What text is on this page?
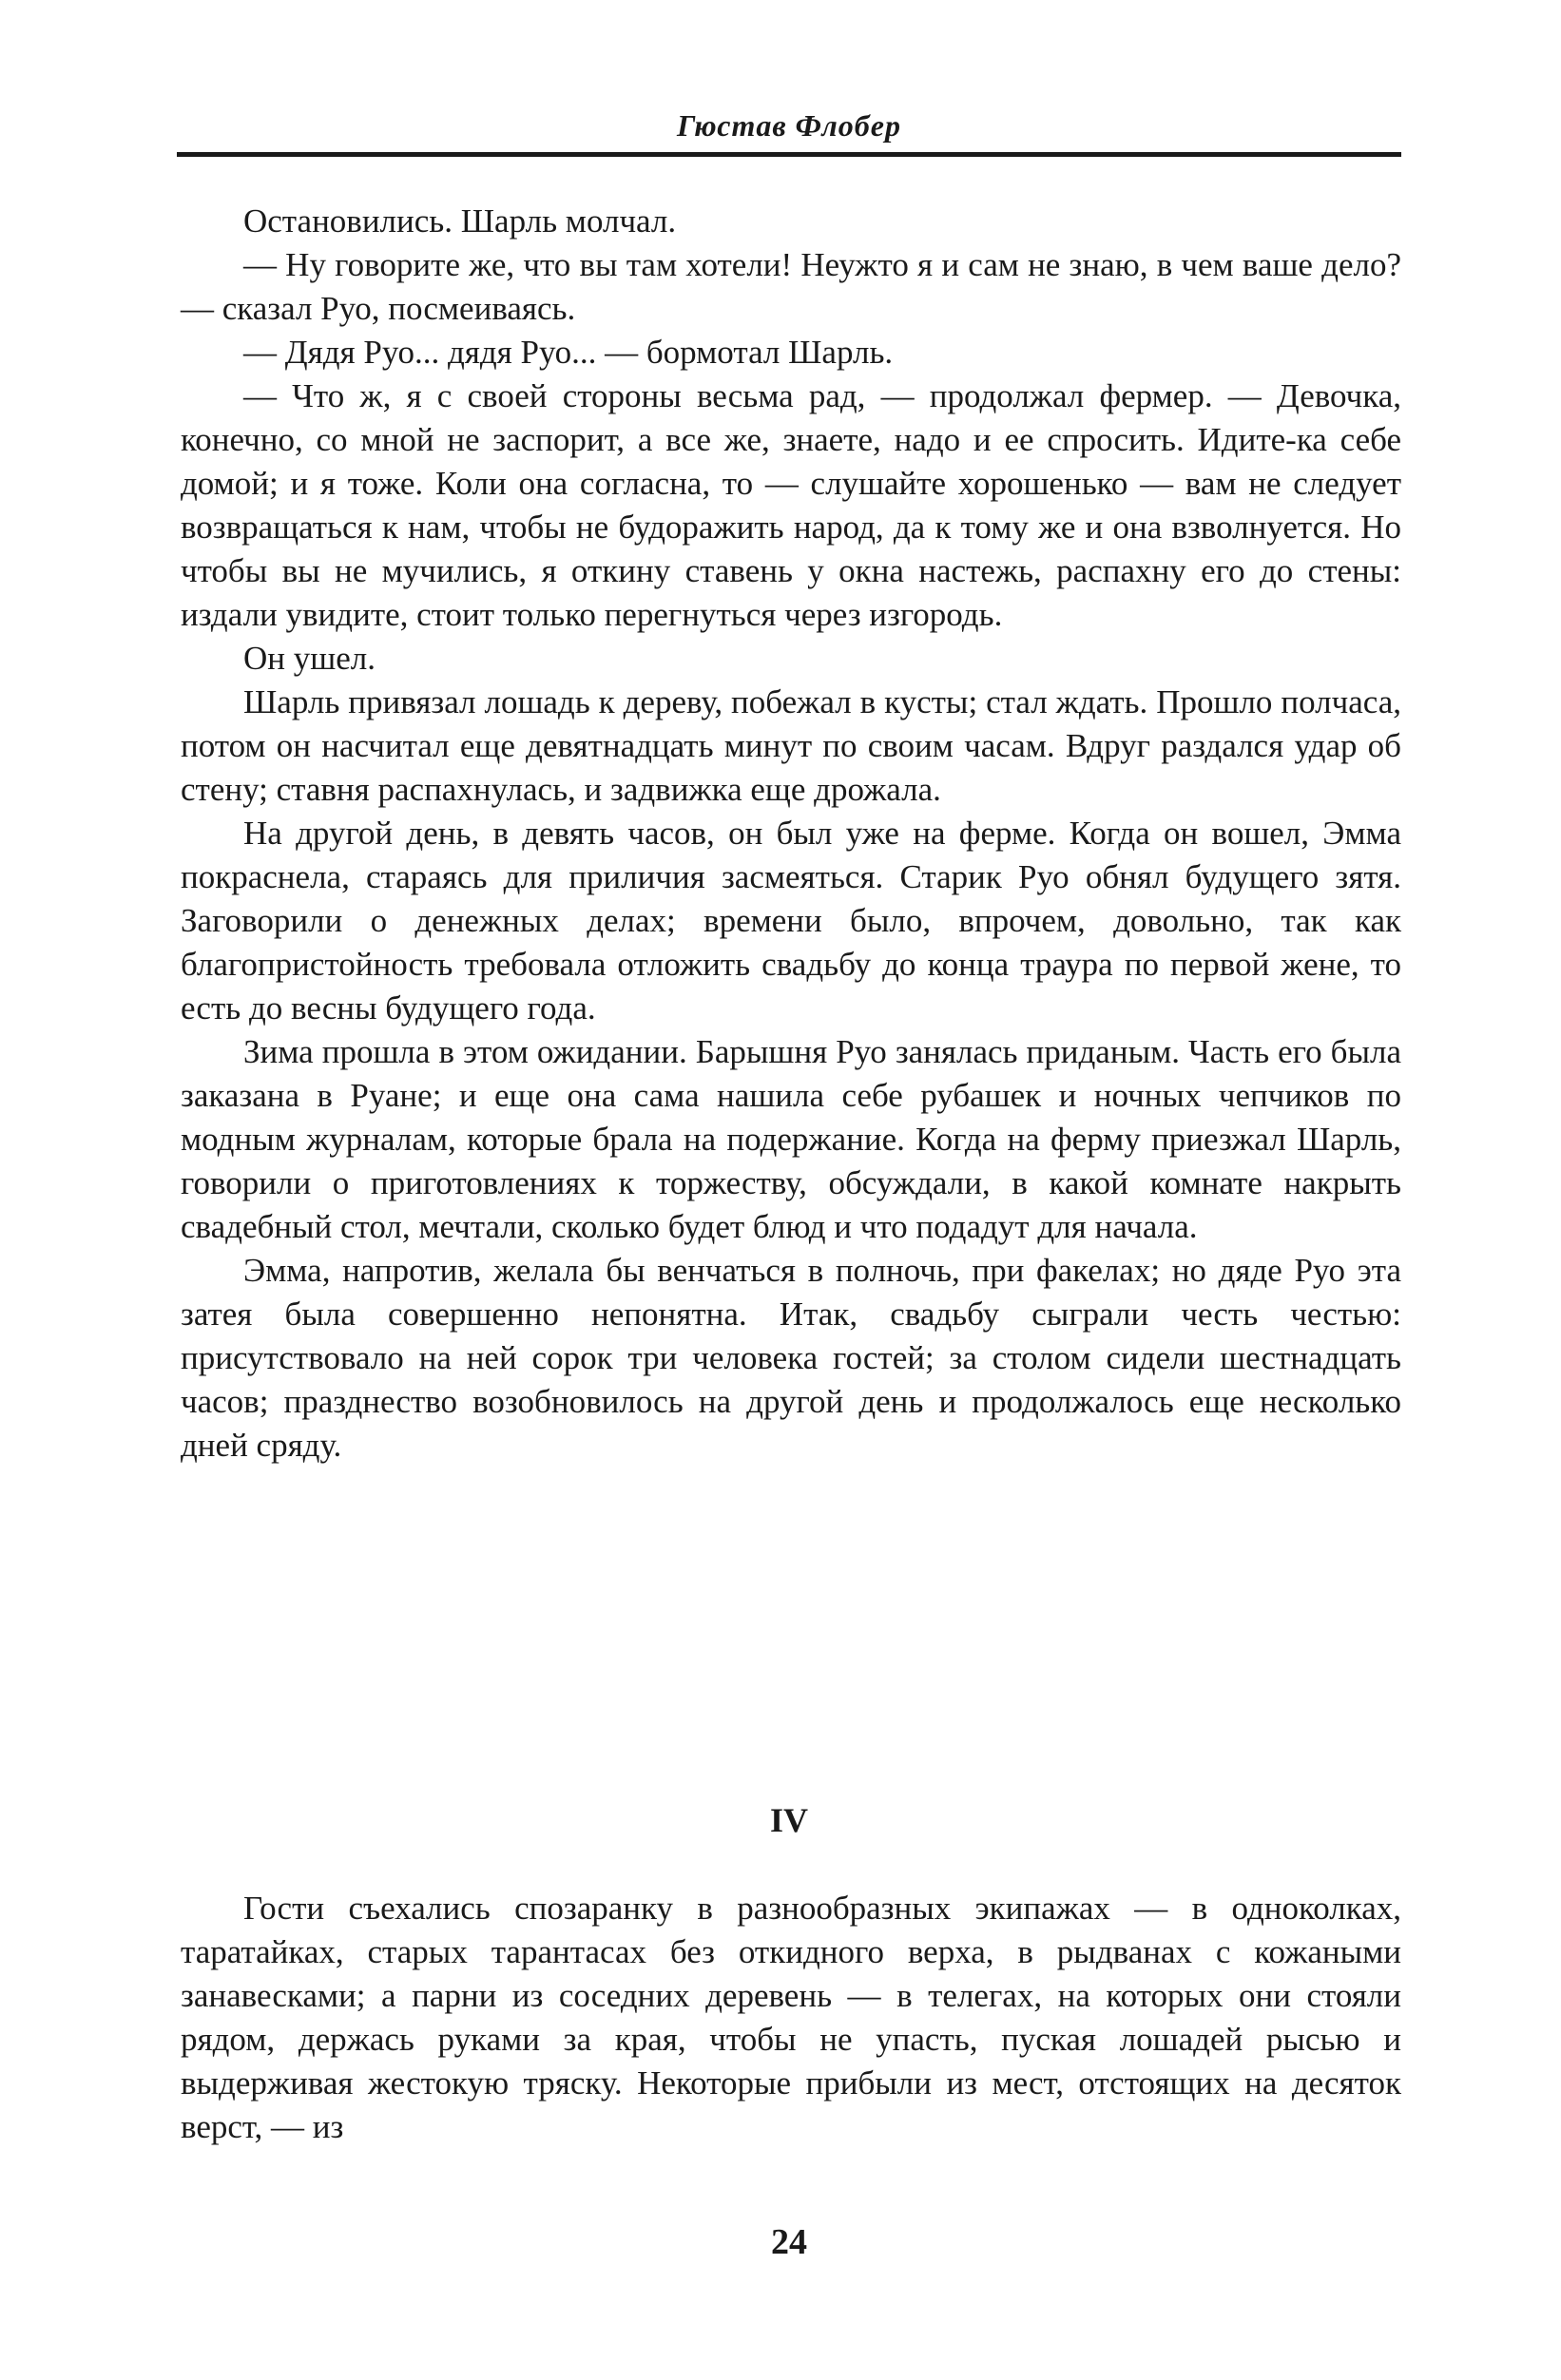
Гюстав Флобер

Остановились. Шарль молчал.

— Ну говорите же, что вы там хотели! Неужто я и сам не знаю, в чем ваше дело? — сказал Руо, посмеиваясь.

— Дядя Руо... дядя Руо... — бормотал Шарль.

— Что ж, я с своей стороны весьма рад, — продолжал фермер. — Девочка, конечно, со мной не заспорит, а все же, знаете, надо и ее спросить. Идите-ка себе домой; и я тоже. Коли она согласна, то — слушайте хорошенько — вам не следует возвращаться к нам, чтобы не будоражить народ, да к тому же и она взволнуется. Но чтобы вы не мучились, я откину ставень у окна настежь, распахну его до стены: издали увидите, стоит только перегнуться через изгородь.

Он ушел.

Шарль привязал лошадь к дереву, побежал в кусты; стал ждать. Прошло полчаса, потом он насчитал еще девятнадцать минут по своим часам. Вдруг раздался удар об стену; ставня распахнулась, и задвижка еще дрожала.

На другой день, в девять часов, он был уже на ферме. Когда он вошел, Эмма покраснела, стараясь для приличия засмеяться. Старик Руо обнял будущего зятя. Заговорили о денежных делах; времени было, впрочем, довольно, так как благопристойность требовала отложить свадьбу до конца траура по первой жене, то есть до весны будущего года.

Зима прошла в этом ожидании. Барышня Руо занялась приданым. Часть его была заказана в Руане; и еще она сама нашила себе рубашек и ночных чепчиков по модным журналам, которые брала на подержание. Когда на ферму приезжал Шарль, говорили о приготовлениях к торжеству, обсуждали, в какой комнате накрыть свадебный стол, мечтали, сколько будет блюд и что подадут для начала.

Эмма, напротив, желала бы венчаться в полночь, при факелах; но дяде Руо эта затея была совершенно непонятна. Итак, свадьбу сыграли честь честью: присутствовало на ней сорок три человека гостей; за столом сидели шестнадцать часов; празднество возобновилось на другой день и продолжалось еще несколько дней сряду.

IV

Гости съехались спозаранку в разнообразных экипажах — в одноколках, таратайках, старых тарантасах без откидного верха, в рыдванах с кожаными занавесками; а парни из соседних деревень — в телегах, на которых они стояли рядом, держась руками за края, чтобы не упасть, пуская лошадей рысью и выдерживая жестокую тряску. Некоторые прибыли из мест, отстоящих на десяток верст, — из

24
